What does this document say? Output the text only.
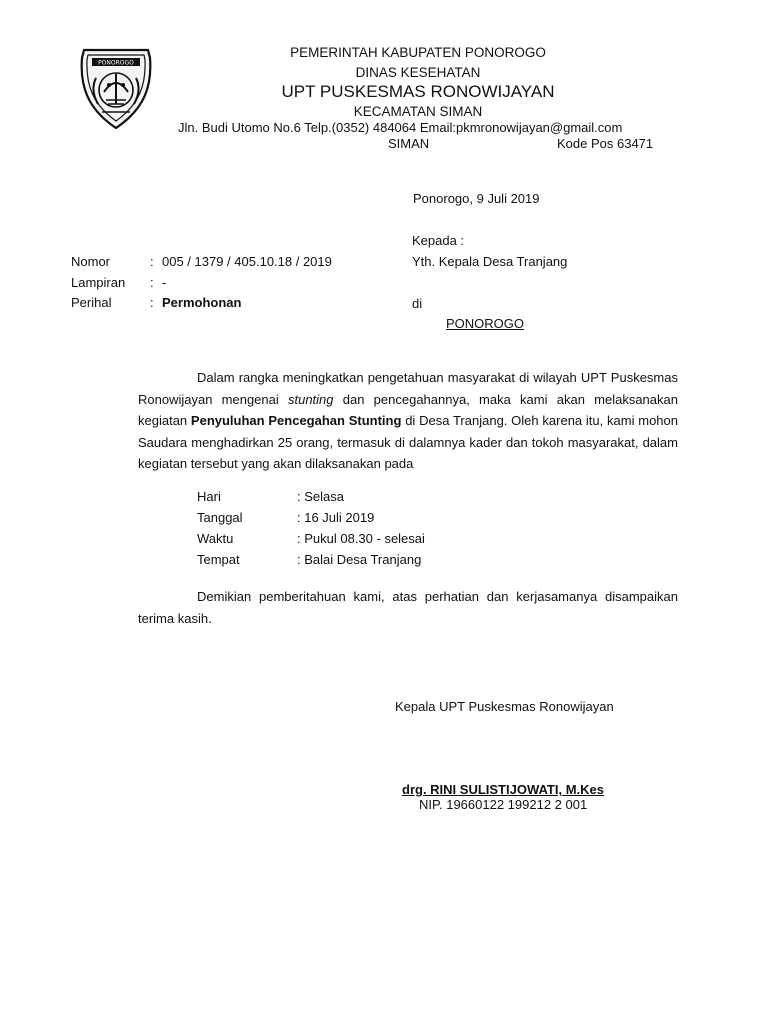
PONOROGO
PEMERINTAH KABUPATEN PONOROGO
DINAS KESEHATAN
UPT PUSKESMAS RONOWIJAYAN
KECAMATAN SIMAN
Jln. Budi Utomo No.6 Telp.(0352) 484064 Email:pkmronowijayan@gmail.com
SIMAN	Kode Pos 63471
Ponorogo, 9 Juli 2019
Kepada :
Yth. Kepala Desa Tranjang
di
PONOROGO
Nomor	: 005 / 1379 / 405.10.18 / 2019
Lampiran : -
Perihal	: Permohonan
Dalam rangka meningkatkan pengetahuan masyarakat di wilayah UPT Puskesmas Ronowijayan mengenai stunting dan pencegahannya, maka kami akan melaksanakan kegiatan Penyuluhan Pencegahan Stunting di Desa Tranjang. Oleh karena itu, kami mohon Saudara menghadirkan 25 orang, termasuk di dalamnya kader dan tokoh masyarakat, dalam kegiatan tersebut yang akan dilaksanakan pada
Hari	: Selasa
Tanggal	: 16 Juli 2019
Waktu	: Pukul 08.30 - selesai
Tempat	: Balai Desa Tranjang
Demikian pemberitahuan kami, atas perhatian dan kerjasamanya disampaikan terima kasih.
Kepala UPT Puskesmas Ronowijayan
drg. RINI SULISTIJOWATI, M.Kes
NIP. 19660122 199212 2 001
